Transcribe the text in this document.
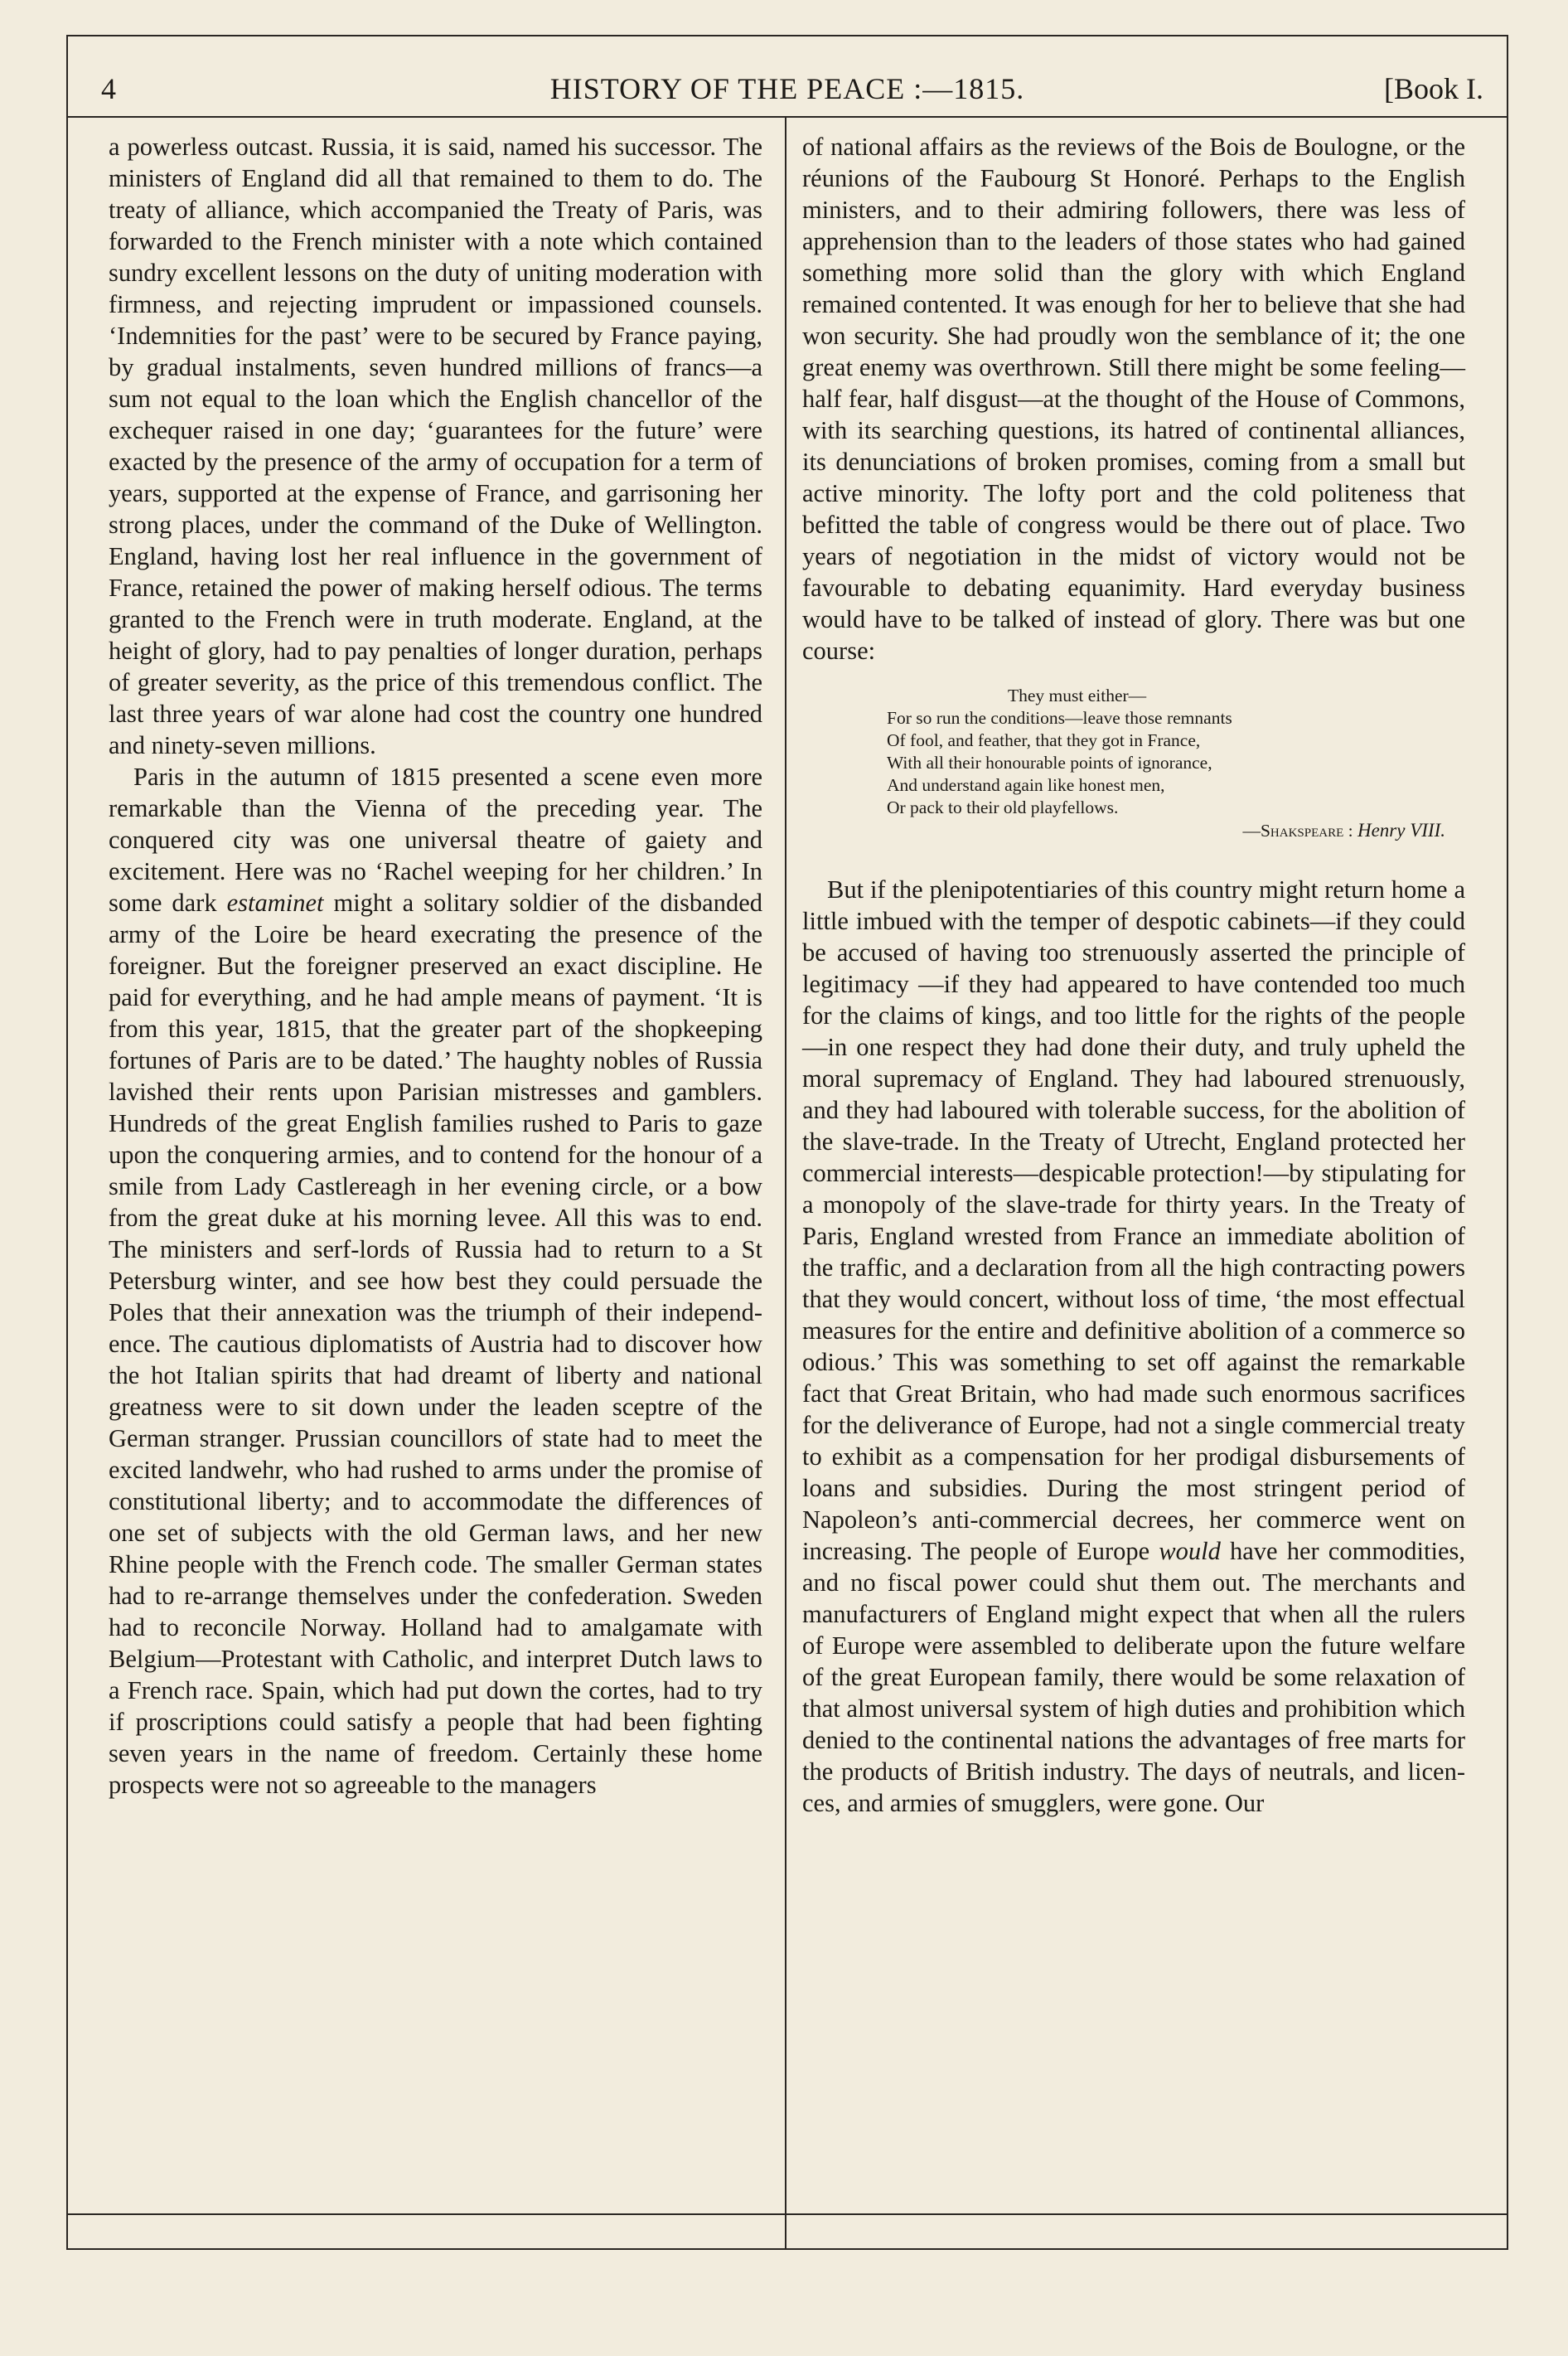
4	HISTORY OF THE PEACE :—1815.	[Book I.

a powerless outcast. Russia, it is said, named his successor. The ministers of England did all that remained to them to do. The treaty of alliance, which accompanied the Treaty of Paris, was forwarded to the French minister with a note which contained sundry excellent lessons on the duty of uniting moderation with firmness, and rejecting imprudent or impassioned counsels. ‘Indemnities for the past’ were to be secured by France paying, by gradual instalments, seven hundred millions of francs—a sum not equal to the loan which the English chancellor of the exchequer raised in one day; ‘guarantees for the future’ were exacted by the presence of the army of occupation for a term of years, supported at the expense of France, and garrisoning her strong places, under the command of the Duke of Wellington. England, having lost her real influence in the government of France, retained the power of making herself odious. The terms granted to the French were in truth moderate. England, at the height of glory, had to pay penalties of longer duration, perhaps of greater severity, as the price of this tremendous conflict. The last three years of war alone had cost the country one hundred and ninety-seven millions.

Paris in the autumn of 1815 presented a scene even more remarkable than the Vienna of the preceding year. The conquered city was one universal theatre of gaiety and excitement. Here was no ‘Rachel weeping for her children.’ In some dark estaminet might a solitary soldier of the disbanded army of the Loire be heard execrating the presence of the foreigner. But the foreigner preserved an exact discipline. He paid for everything, and he had ample means of payment. ‘It is from this year, 1815, that the greater part of the shopkeeping fortunes of Paris are to be dated.’ The haughty nobles of Russia lavished their rents upon Parisian mistresses and gamblers. Hundreds of the great English families rushed to Paris to gaze upon the conquering armies, and to contend for the honour of a smile from Lady Castlereagh in her evening circle, or a bow from the great duke at his morning levee. All this was to end. The ministers and serf-lords of Russia had to return to a St Petersburg winter, and see how best they could persuade the Poles that their annexation was the triumph of their independence. The cautious diplomatists of Austria had to discover how the hot Italian spirits that had dreamt of liberty and national greatness were to sit down under the leaden sceptre of the German stranger. Prussian councillors of state had to meet the excited landwehr, who had rushed to arms under the promise of constitutional liberty; and to accommodate the differences of one set of subjects with the old German laws, and her new Rhine people with the French code. The smaller German states had to re-arrange themselves under the confederation. Sweden had to reconcile Norway. Holland had to amalgamate with Belgium—Protestant with Catholic, and interpret Dutch laws to a French race. Spain, which had put down the cortes, had to try if proscriptions could satisfy a people that had been fighting seven years in the name of freedom. Certainly these home prospects were not so agreeable to the managers

of national affairs as the reviews of the Bois de Boulogne, or the réunions of the Faubourg St Honoré. Perhaps to the English ministers, and to their admiring followers, there was less of apprehension than to the leaders of those states who had gained something more solid than the glory with which England remained contented. It was enough for her to believe that she had won security. She had proudly won the semblance of it; the one great enemy was overthrown. Still there might be some feeling—half fear, half disgust—at the thought of the House of Commons, with its searching questions, its hatred of continental alliances, its denunciations of broken promises, coming from a small but active minority. The lofty port and the cold politeness that befitted the table of congress would be there out of place. Two years of negotiation in the midst of victory would not be favourable to debating equanimity. Hard everyday business would have to be talked of instead of glory. There was but one course:

They must either—
For so run the conditions—leave those remnants
Of fool, and feather, that they got in France,
With all their honourable points of ignorance,
And understand again like honest men,
Or pack to their old playfellows.
—Shakspeare : Henry VIII.

But if the plenipotentiaries of this country might return home a little imbued with the temper of despotic cabinets—if they could be accused of having too strenuously asserted the principle of legitimacy —if they had appeared to have contended too much for the claims of kings, and too little for the rights of the people—in one respect they had done their duty, and truly upheld the moral supremacy of England. They had laboured strenuously, and they had laboured with tolerable success, for the abolition of the slave-trade. In the Treaty of Utrecht, England protected her commercial interests—despicable protection!—by stipulating for a monopoly of the slave-trade for thirty years. In the Treaty of Paris, England wrested from France an immediate abolition of the traffic, and a declaration from all the high contracting powers that they would concert, without loss of time, ‘the most effectual measures for the entire and definitive abolition of a commerce so odious.’ This was something to set off against the remarkable fact that Great Britain, who had made such enormous sacrifices for the deliverance of Europe, had not a single commercial treaty to exhibit as a compensation for her prodigal disbursements of loans and subsidies. During the most stringent period of Napoleon’s anti-commercial decrees, her commerce went on increasing. The people of Europe would have her commodities, and no fiscal power could shut them out. The merchants and manufacturers of England might expect that when all the rulers of Europe were assembled to deliberate upon the future welfare of the great European family, there would be some relaxation of that almost universal system of high duties and prohibition which denied to the continental nations the advantages of free marts for the products of British industry. The days of neutrals, and licences, and armies of smugglers, were gone. Our
